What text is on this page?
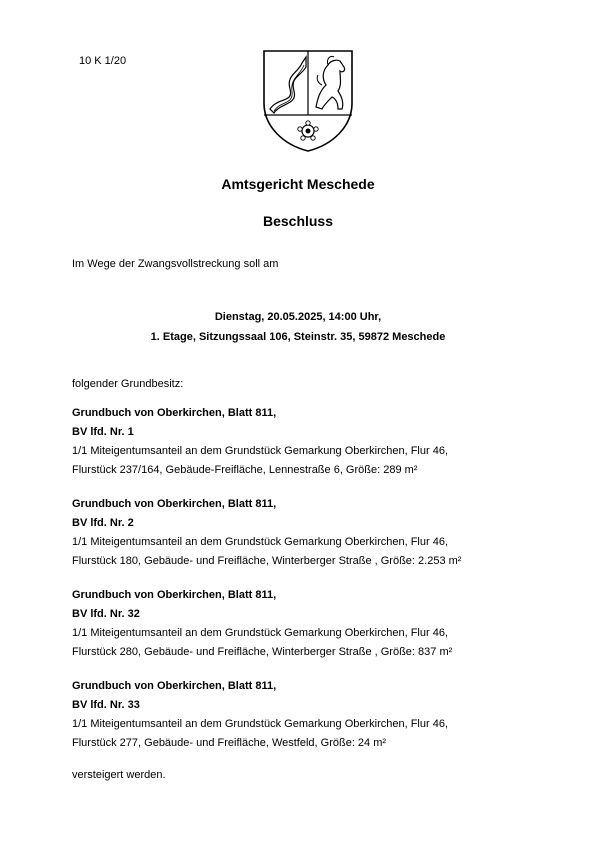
10 K 1/20
Amtsgericht Meschede
Beschluss
Im Wege der Zwangsvollstreckung soll am
Dienstag, 20.05.2025, 14:00 Uhr,
1. Etage, Sitzungssaal 106, Steinstr. 35, 59872 Meschede
folgender Grundbesitz:
Grundbuch von Oberkirchen, Blatt 811,
BV lfd. Nr. 1
1/1 Miteigentumsanteil an dem Grundstück Gemarkung Oberkirchen, Flur 46,
Flurstück 237/164, Gebäude-Freifläche, Lennestraße 6, Größe: 289 m²
Grundbuch von Oberkirchen, Blatt 811,
BV lfd. Nr. 2
1/1 Miteigentumsanteil an dem Grundstück Gemarkung Oberkirchen, Flur 46,
Flurstück 180, Gebäude- und Freifläche, Winterberger Straße , Größe: 2.253 m²
Grundbuch von Oberkirchen, Blatt 811,
BV lfd. Nr. 32
1/1 Miteigentumsanteil an dem Grundstück Gemarkung Oberkirchen, Flur 46,
Flurstück 280, Gebäude- und Freifläche, Winterberger Straße , Größe: 837 m²
Grundbuch von Oberkirchen, Blatt 811,
BV lfd. Nr. 33
1/1 Miteigentumsanteil an dem Grundstück Gemarkung Oberkirchen, Flur 46,
Flurstück 277, Gebäude- und Freifläche, Westfeld, Größe: 24 m²
versteigert werden.
